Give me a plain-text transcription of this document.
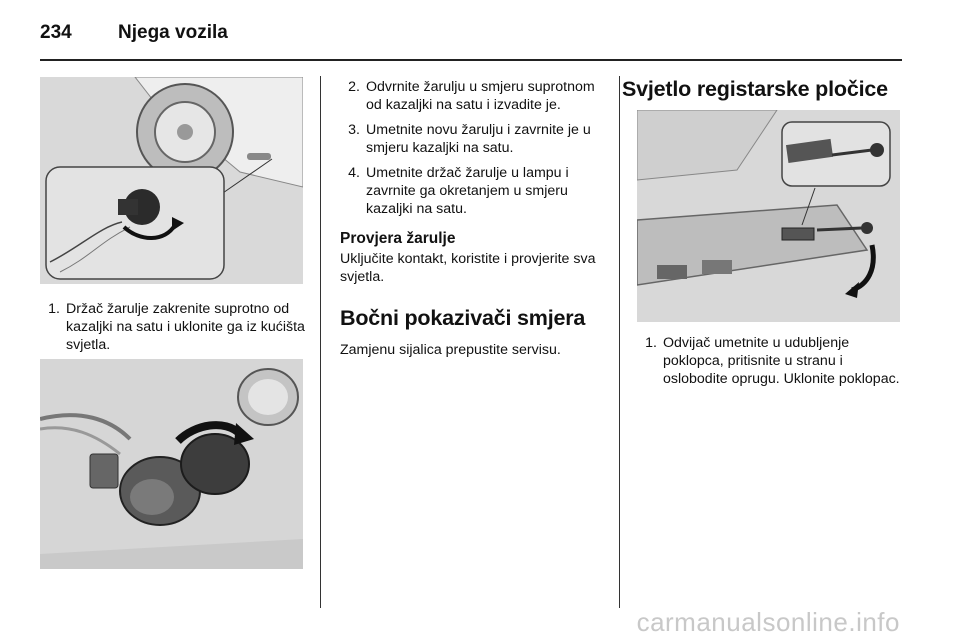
234 Njega vozila
1. Držač žarulje zakrenite suprotno od kazaljki na satu i uklonite ga iz kućišta svjetla.
2. Odvrnite žarulju u smjeru suprotnom od kazaljki na satu i izvadite je.
3. Umetnite novu žarulju i zavrnite je u smjeru kazaljki na satu.
4. Umetnite držač žarulje u lampu i zavrnite ga okretanjem u smjeru kazaljki na satu.
Provjera žarulje

Uključite kontakt, koristite i provjerite sva svjetla.

Bočni pokazivači smjera

Zamjenu sijalica prepustite servisu.

Svjetlo registarske pločice
1. Odvijač umetnite u udubljenje poklopca, pritisnite u stranu i oslobodite oprugu. Uklonite poklopac.
carmanualsonline.info
